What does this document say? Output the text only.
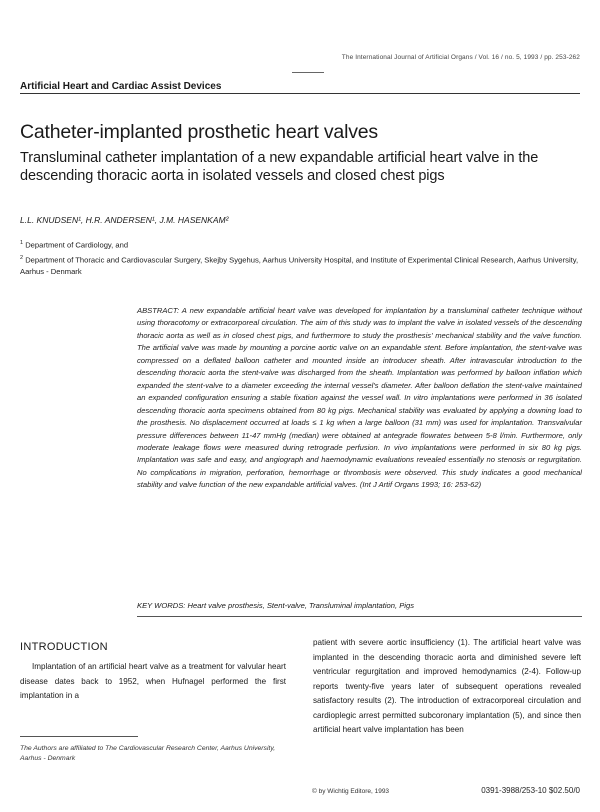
The International Journal of Artificial Organs / Vol. 16 / no. 5, 1993 / pp. 253-262
Artificial Heart and Cardiac Assist Devices
Catheter-implanted prosthetic heart valves
Transluminal catheter implantation of a new expandable artificial heart valve in the descending thoracic aorta in isolated vessels and closed chest pigs
L.L. KNUDSEN¹, H.R. ANDERSEN¹, J.M. HASENKAM²
$^1$ Department of Cardiology, and
$^2$ Department of Thoracic and Cardiovascular Surgery, Skejby Sygehus, Aarhus University Hospital, and Institute of Experimental Clinical Research, Aarhus University, Aarhus - Denmark
ABSTRACT: A new expandable artificial heart valve was developed for implantation by a transluminal catheter technique without using thoracotomy or extracorporeal circulation. The aim of this study was to implant the valve in isolated vessels of the descending thoracic aorta as well as in closed chest pigs, and furthermore to study the prosthesis' mechanical stability and the valve function. The artificial valve was made by mounting a porcine aortic valve on an expandable stent. Before implantation, the stent-valve was compressed on a deflated balloon catheter and mounted inside an introducer sheath. After intravascular introduction to the descending thoracic aorta the stent-valve was discharged from the sheath. Implantation was performed by balloon inflation which expanded the stent-valve to a diameter exceeding the internal vessel's diameter. After balloon deflation the stent-valve maintained an expanded configuration ensuring a stable fixation against the vessel wall. In vitro implantations were performed in 36 isolated descending thoracic aorta specimens obtained from 80 kg pigs. Mechanical stability was evaluated by applying a downing load to the prosthesis. No displacement occurred at loads ≤ 1 kg when a large balloon (31 mm) was used for implantation. Transvalvular pressure differences between 11-47 mmHg (median) were obtained at antegrade flowrates between 5-8 l/min. Furthermore, only moderate leakage flows were measured during retrograde perfusion. In vivo implantations were performed in six 80 kg pigs. Implantation was safe and easy, and angiograph and haemodynamic evaluations revealed essentially no stenosis or regurgitation. No complications in migration, perforation, hemorrhage or thrombosis were observed. This study indicates a good mechanical stability and valve function of the new expandable artificial valves. (Int J Artif Organs 1993; 16: 253-62)
KEY WORDS: Heart valve prosthesis, Stent-valve, Transluminal implantation, Pigs
INTRODUCTION
Implantation of an artificial heart valve as a treatment for valvular heart disease dates back to 1952, when Hufnagel performed the first implantation in a
patient with severe aortic insufficiency (1). The artificial heart valve was implanted in the descending thoracic aorta and diminished severe left ventricular regurgitation and improved hemodynamics (2-4). Follow-up reports twenty-five years later of subsequent operations revealed satisfactory results (2). The introduction of extracorporeal circulation and cardioplegic arrest permitted subcoronary implantation (5), and since then artificial heart valve implantation has been
The Authors are affiliated to The Cardiovascular Research Center, Aarhus University, Aarhus - Denmark
© by Wichtig Editore, 1993	0391-3988/253-10 $02.50/0
